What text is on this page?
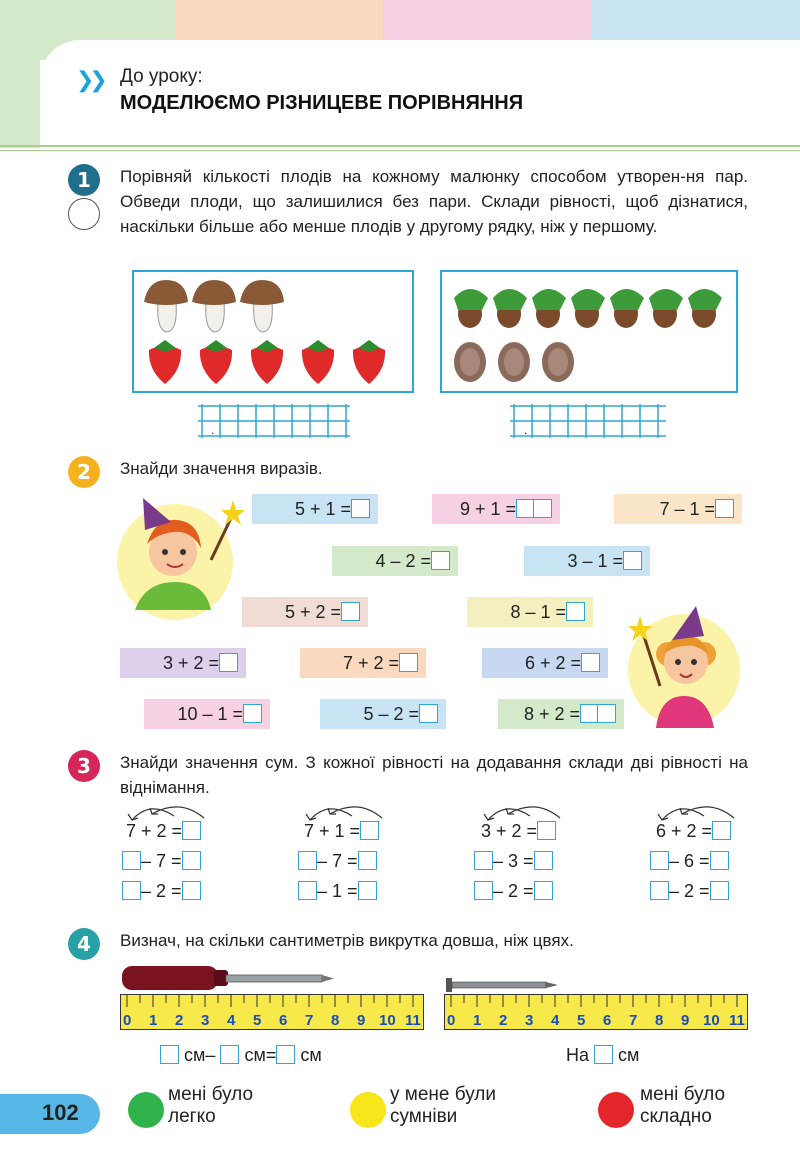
❯❯ До уроку:
МОДЕЛЮЄМО РІЗНИЦЕВЕ ПОРІВНЯННЯ
1	Порівняй кількості плодів на кожному малюнку способом утворен-ня пар. Обведи плоди, що залишилися без пари. Склади рівності, щоб дізнатися, наскільки більше або менше плодів у другому рядку, ніж у першому.
.	.
2	Знайди значення виразів.
5 + 1 =	9 + 1 =	7 – 1 =
4 – 2 =	3 – 1 =
5 + 2 =	8 – 1 =
3 + 2 =	7 + 2 =	6 + 2 =
10 – 1 =	5 – 2 =	8 + 2 =
3	Знайди значення сум. З кожної рівності на додавання склади дві рівності на віднімання.
7 + 2 =
– 7 =
– 2 =
7 + 1 =
– 7 =
– 1 =
3 + 2 =
– 3 =
– 2 =
6 + 2 =
– 6 =
– 2 =
4	Визнач, на скільки сантиметрів викрутка довша, ніж цвях.
0 1 2 3 4 5 6 7 8 9 10 11 0 1 2 3 4 5 6 7 8 9 10 11
см– см= см	На см
102
мені було
легко
у мене були
сумніви
мені було
складно
